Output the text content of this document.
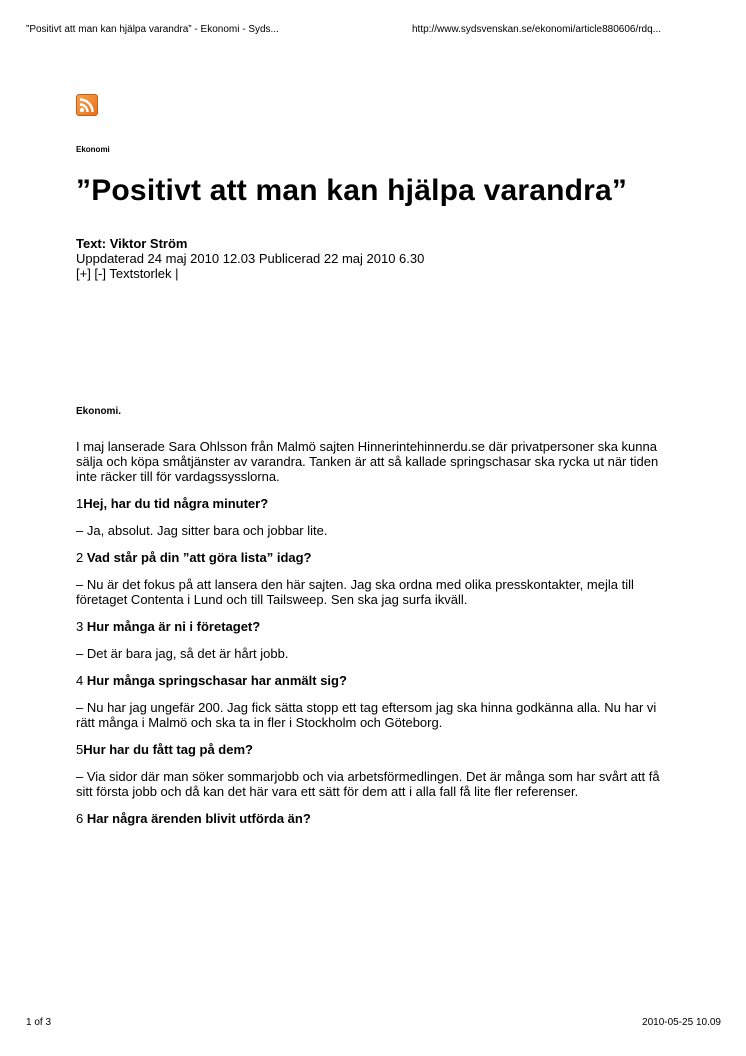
”Positivt att man kan hjälpa varandra” - Ekonomi - Syds...	http://www.sydsvenskan.se/ekonomi/article880606/rdq...
Ekonomi
”Positivt att man kan hjälpa varandra”
Text: Viktor Ström
Uppdaterad 24 maj 2010 12.03 Publicerad 22 maj 2010 6.30
[+] [-] Textstorlek |

Ekonomi.

I maj lanserade Sara Ohlsson från Malmö sajten Hinnerintehinnerdu.se där privatpersoner ska kunna sälja och köpa småtjänster av varandra. Tanken är att så kallade springschasar ska rycka ut när tiden inte räcker till för vardagssysslorna.

1Hej, har du tid några minuter?

– Ja, absolut. Jag sitter bara och jobbar lite.

2 Vad står på din ”att göra lista” idag?

– Nu är det fokus på att lansera den här sajten. Jag ska ordna med olika presskontakter, mejla till företaget Contenta i Lund och till Tailsweep. Sen ska jag surfa ikväll.

3 Hur många är ni i företaget?

– Det är bara jag, så det är hårt jobb.

4 Hur många springschasar har anmält sig?

– Nu har jag ungefär 200. Jag fick sätta stopp ett tag eftersom jag ska hinna godkänna alla. Nu har vi rätt många i Malmö och ska ta in fler i Stockholm och Göteborg.

5Hur har du fått tag på dem?

– Via sidor där man söker sommarjobb och via arbetsförmedlingen. Det är många som har svårt att få sitt första jobb och då kan det här vara ett sätt för dem att i alla fall få lite fler referenser.

6 Har några ärenden blivit utförda än?

1 of 3	2010-05-25 10.09
